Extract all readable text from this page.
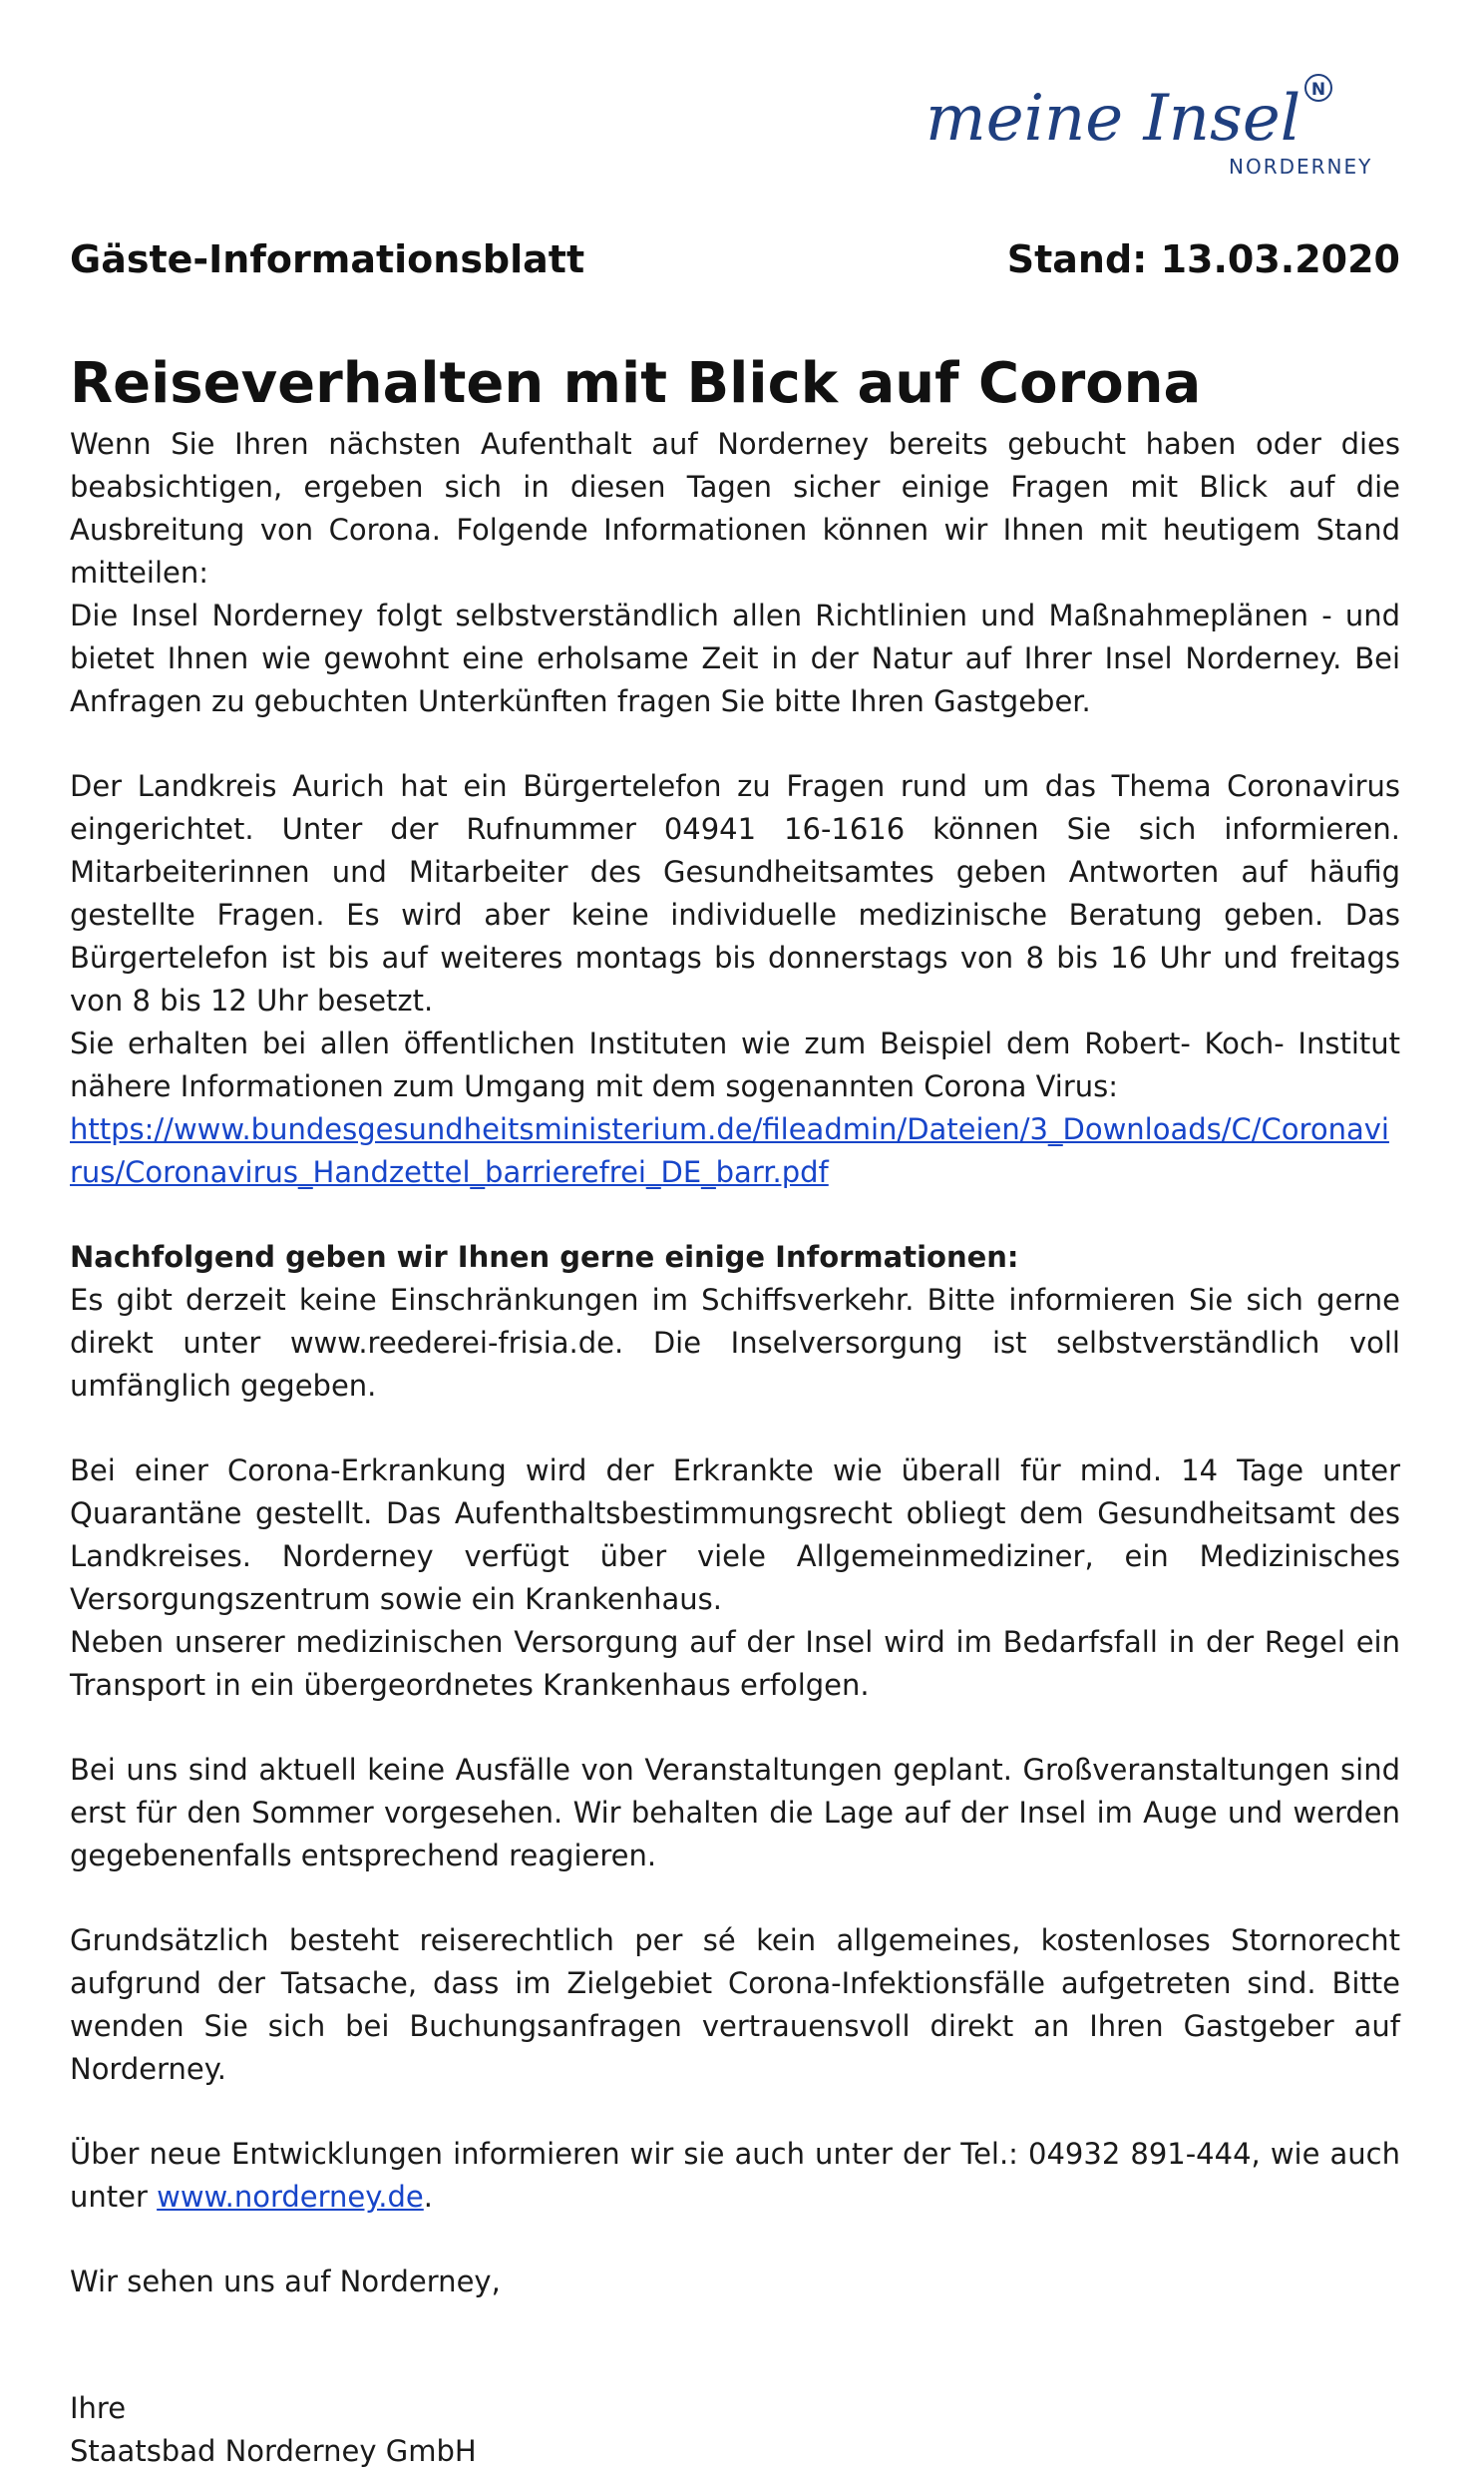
meine Insel
NORDERNEY
N
Gäste-Informationsblatt	Stand: 13.03.2020
Reiseverhalten mit Blick auf Corona

Wenn Sie Ihren nächsten Aufenthalt auf Norderney bereits gebucht haben oder dies beabsichtigen, ergeben sich in diesen Tagen sicher einige Fragen mit Blick auf die Ausbreitung von Corona. Folgende Informationen können wir Ihnen mit heutigem Stand mitteilen:

Die Insel Norderney folgt selbstverständlich allen Richtlinien und Maßnahmeplänen - und bietet Ihnen wie gewohnt eine erholsame Zeit in der Natur auf Ihrer Insel Norderney. Bei Anfragen zu gebuchten Unterkünften fragen Sie bitte Ihren Gastgeber.

Der Landkreis Aurich hat ein Bürgertelefon zu Fragen rund um das Thema Coronavirus eingerichtet. Unter der Rufnummer 04941 16-1616 können Sie sich informieren. Mitarbeiterinnen und Mitarbeiter des Gesundheitsamtes geben Antworten auf häufig gestellte Fragen. Es wird aber keine individuelle medizinische Beratung geben. Das Bürgertelefon ist bis auf weiteres montags bis donnerstags von 8 bis 16 Uhr und freitags von 8 bis 12 Uhr besetzt.

Sie erhalten bei allen öffentlichen Instituten wie zum Beispiel dem Robert- Koch- Institut nähere Informationen zum Umgang mit dem sogenannten Corona Virus:

https://www.bundesgesundheitsministerium.de/fileadmin/Dateien/3_Downloads/C/Coronavi
rus/Coronavirus_Handzettel_barrierefrei_DE_barr.pdf

Nachfolgend geben wir Ihnen gerne einige Informationen:

Es gibt derzeit keine Einschränkungen im Schiffsverkehr. Bitte informieren Sie sich gerne direkt unter www.reederei-frisia.de. Die Inselversorgung ist selbstverständlich voll umfänglich gegeben.

Bei einer Corona-Erkrankung wird der Erkrankte wie überall für mind. 14 Tage unter Quarantäne gestellt. Das Aufenthaltsbestimmungsrecht obliegt dem Gesundheitsamt des Landkreises. Norderney verfügt über viele Allgemeinmediziner, ein Medizinisches Versorgungszentrum sowie ein Krankenhaus.

Neben unserer medizinischen Versorgung auf der Insel wird im Bedarfsfall in der Regel ein Transport in ein übergeordnetes Krankenhaus erfolgen.

Bei uns sind aktuell keine Ausfälle von Veranstaltungen geplant. Großveranstaltungen sind erst für den Sommer vorgesehen. Wir behalten die Lage auf der Insel im Auge und werden gegebenenfalls entsprechend reagieren.

Grundsätzlich besteht reiserechtlich per sé kein allgemeines, kostenloses Stornorecht aufgrund der Tatsache, dass im Zielgebiet Corona-Infektionsfälle aufgetreten sind. Bitte wenden Sie sich bei Buchungsanfragen vertrauensvoll direkt an Ihren Gastgeber auf Norderney.

Über neue Entwicklungen informieren wir sie auch unter der Tel.: 04932 891-444, wie auch unter www.norderney.de.

Wir sehen uns auf Norderney,

Ihre

Staatsbad Norderney GmbH
